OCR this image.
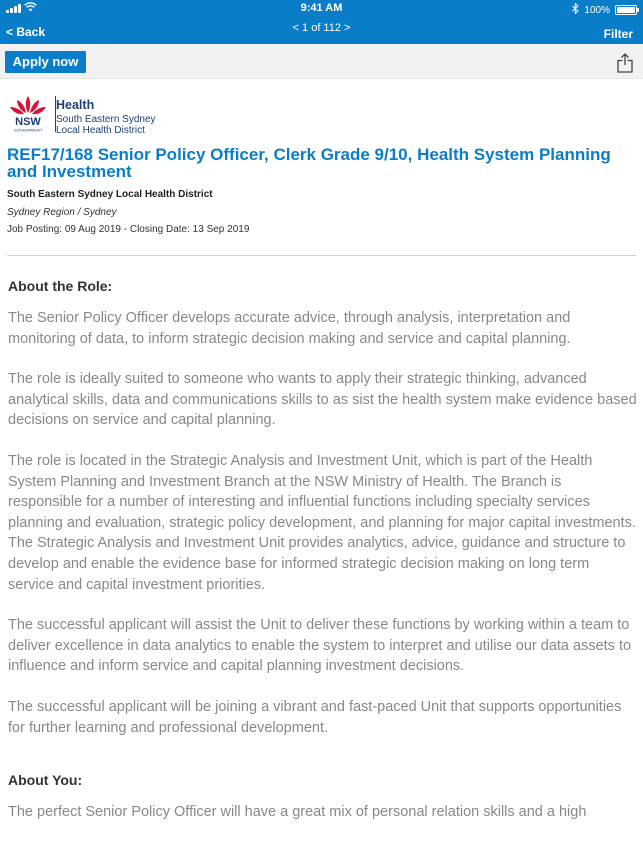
9:41 AM	100%
< Back	< 1 of 112 >	Filter
Apply now
NSW
GOVERNMENT
Health
South Eastern Sydney
Local Health District
REF17/168 Senior Policy Officer, Clerk Grade 9/10, Health System Planning and Investment
South Eastern Sydney Local Health District
Sydney Region / Sydney
Job Posting: 09 Aug 2019 - Closing Date: 13 Sep 2019
About the Role:

The Senior Policy Officer develops accurate advice, through analysis, interpretation and monitoring of data, to inform strategic decision making and service and capital planning.

The role is ideally suited to someone who wants to apply their strategic thinking, advanced analytical skills, data and communications skills to as sist the health system make evidence based decisions on service and capital planning.

The role is located in the Strategic Analysis and Investment Unit, which is part of the Health System Planning and Investment Branch at the NSW Ministry of Health. The Branch is responsible for a number of interesting and influential functions including specialty services planning and evaluation, strategic policy development, and planning for major capital investments. The Strategic Analysis and Investment Unit provides analytics, advice, guidance and structure to develop and enable the evidence base for informed strategic decision making on long term service and capital investment priorities.

The successful applicant will assist the Unit to deliver these functions by working within a team to deliver excellence in data analytics to enable the system to interpret and utilise our data assets to influence and inform service and capital planning investment decisions.

The successful applicant will be joining a vibrant and fast-paced Unit that supports opportunities for further learning and professional development.

About You:

The perfect Senior Policy Officer will have a great mix of personal relation skills and a high
